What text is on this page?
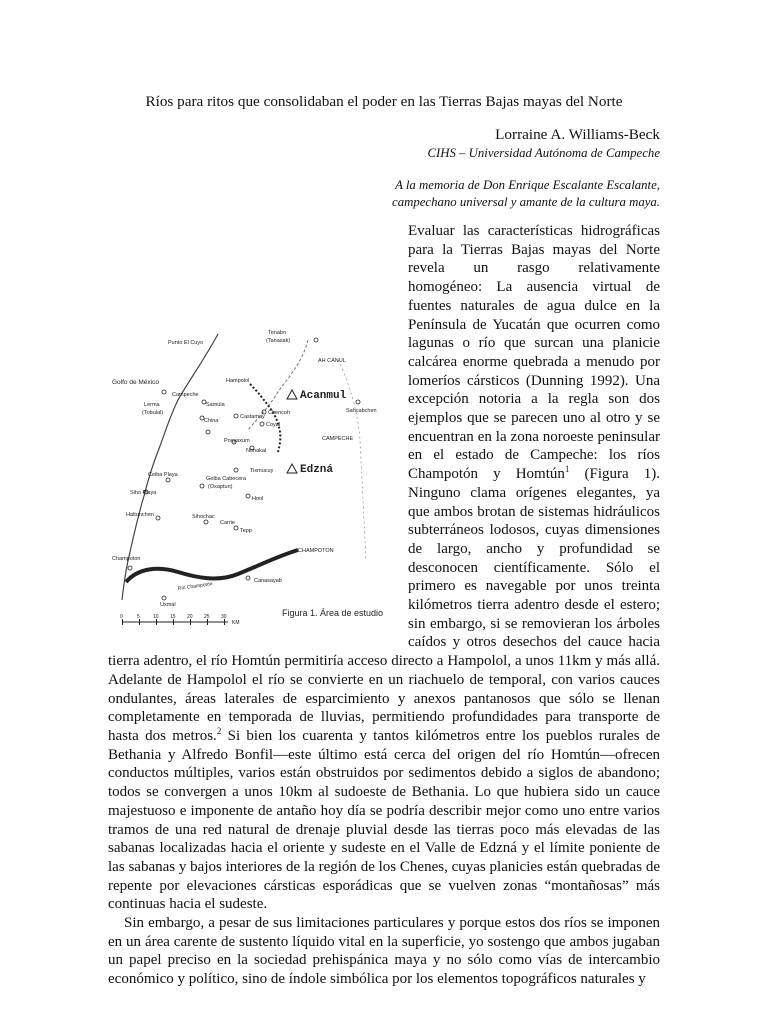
Ríos para ritos que consolidaban el poder en las Tierras Bajas mayas del Norte
Lorraine A. Williams-Beck
CIHS – Universidad Autónoma de Campeche
A la memoria de Don Enrique Escalante Escalante,
campechano universal y amante de la cultura maya.

Evaluar las características hidrográficas para la Tierras Bajas mayas del Norte revela un rasgo relativamente homogéneo: La ausencia virtual de fuentes naturales de agua dulce en la Península de Yucatán que ocurren como lagunas o río que surcan una planicie calcárea enorme quebrada a menudo por lomeríos cársticos (Dunning 1992). Una excepción notoria a la regla son dos ejemplos que se parecen uno al otro y se encuentran en la zona noroeste peninsular en el estado de Campeche: los ríos Champotón y Homtún$^1$ (Figura 1). Ninguno clama orígenes elegantes, ya que ambos brotan de sistemas hidráulicos subterráneos lodosos, cuyas dimensiones de largo, ancho y profundidad se desconocen científicamente. Sólo el primero es navegable por unos treinta kilómetros tierra adentro desde el estero; sin embargo, si se removieran los árboles caídos y otros desechos del cauce hacia tierra adentro, el río Homtún permitiría acceso directo a Hampolol, a unos 11km y más allá. Adelante de Hampolol el río se convierte en un riachuelo de temporal, con varios cauces ondulantes, áreas laterales de esparcimiento y anexos pantanosos que sólo se llenan completamente en temporada de lluvias, permitiendo profundidades para transporte de hasta dos metros.$^2$ Si bien los cuarenta y tantos kilómetros entre los pueblos rurales de Bethania y Alfredo Bonfil—este último está cerca del origen del río Homtún—ofrecen conductos múltiples, varios están obstruidos por sedimentos debido a siglos de abandono; todos se convergen a unos 10km al sudoeste de Bethania. Lo que hubiera sido un cauce majestuoso e imponente de antaño hoy día se podría describir mejor como uno entre varios tramos de una red natural de drenaje pluvial desde las tierras poco más elevadas de las sabanas localizadas hacia el oriente y sudeste en el Valle de Edzná y el límite poniente de las sabanas y bajos interiores de la región de los Chenes, cuyas planicies están quebradas de repente por elevaciones cársticas esporádicas que se vuelven zonas “montañosas” más continuas hacia el sudeste.

Sin embargo, a pesar de sus limitaciones particulares y porque estos dos ríos se imponen en un área carente de sustento líquido vital en la superficie, yo sostengo que ambos jugaban un papel preciso en la sociedad prehispánica maya y no sólo como vías de intercambio económico y político, sino de índole simbólica por los elementos topográficos naturales y

Punto El Cuyo
Tenabo
(Tanasak)
AH CANUL
Golfo de México	Hampolol
Acanmul
Sahcabchen
Campeche
Samula
Lerma
(Tobulal)
Castamay
Chencoh
Coyal
China
CAMPECHE
Pocyaxum
Tixmucuy
Nohakal
Edzná
Ceiba Playa
Gelba Cabecera
(Oxaptun)
Hool
Siho Playa
Haltunchen	Sihochac
Carrie
Tepp
CHAMPOTON
Champoton
Canasayab
Uxmal
Río Champotón
Figura 1. Área de estudio
0	5	10 15 20 25 30
KM
